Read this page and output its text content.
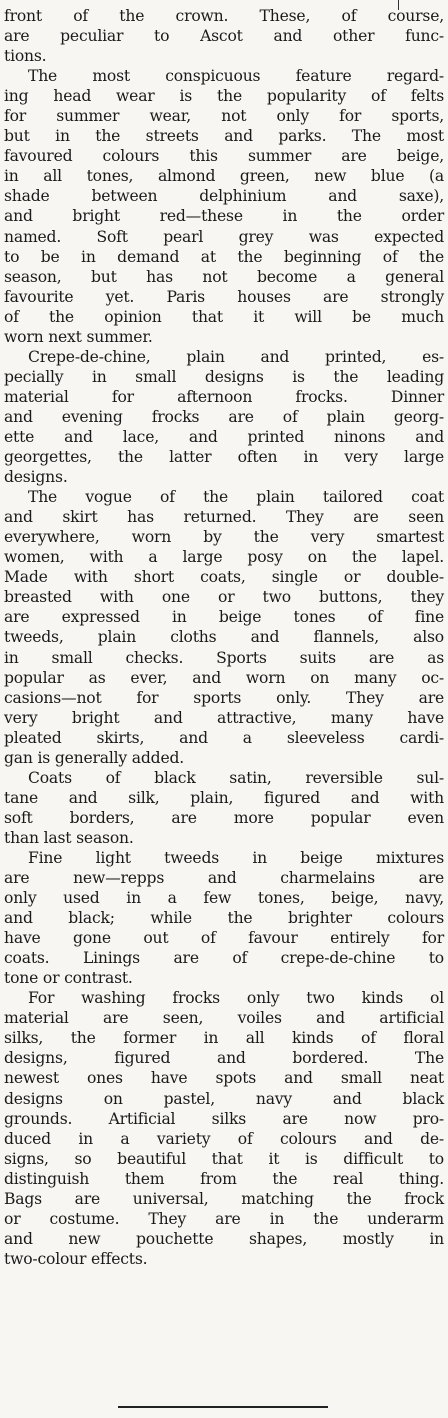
front of the crown. These, of course,
are peculiar to Ascot and other func-
tions.
The most conspicuous feature regard-
ing head wear is the popularity of felts
for summer wear, not only for sports,
but in the streets and parks. The most
favoured colours this summer are beige,
in all tones, almond green, new blue (a
shade between delphinium and saxe),
and bright red—these in the order
named. Soft pearl grey was expected
to be in demand at the beginning of the
season, but has not become a general
favourite yet. Paris houses are strongly
of the opinion that it will be much
worn next summer.
Crepe-de-chine, plain and printed, es-
pecially in small designs is the leading
material for afternoon frocks. Dinner
and evening frocks are of plain georg-
ette and lace, and printed ninons and
georgettes, the latter often in very large
designs.
The vogue of the plain tailored coat
and skirt has returned. They are seen
everywhere, worn by the very smartest
women, with a large posy on the lapel.
Made with short coats, single or double-
breasted with one or two buttons, they
are expressed in beige tones of fine
tweeds, plain cloths and flannels, also
in small checks. Sports suits are as
popular as ever, and worn on many oc-
casions—not for sports only. They are
very bright and attractive, many have
pleated skirts, and a sleeveless cardi-
gan is generally added.
Coats of black satin, reversible sul-
tane and silk, plain, figured and with
soft borders, are more popular even
than last season.
Fine light tweeds in beige mixtures
are new—repps and charmelains are
only used in a few tones, beige, navy,
and black; while the brighter colours
have gone out of favour entirely for
coats. Linings are of crepe-de-chine to
tone or contrast.
For washing frocks only two kinds ol
material are seen, voiles and artificial
silks, the former in all kinds of floral
designs, figured and bordered. The
newest ones have spots and small neat
designs on pastel, navy and black
grounds. Artificial silks are now pro-
duced in a variety of colours and de-
signs, so beautiful that it is difficult to
distinguish them from the real thing.
Bags are universal, matching the frock
or costume. They are in the underarm
and new pouchette shapes, mostly in
two-colour effects.
